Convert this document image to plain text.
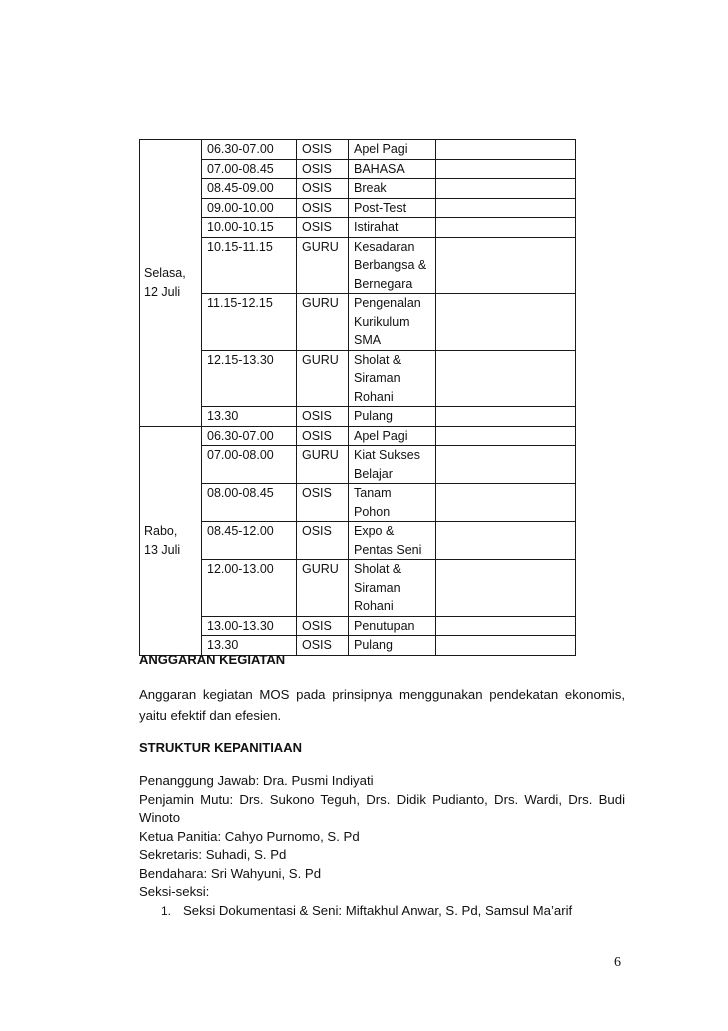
Selasa,
12 Juli	06.30-07.00	OSIS	Apel Pagi	

	07.00-08.45	OSIS	BAHASA	

	08.45-09.00	OSIS	Break	

	09.00-10.00	OSIS	Post-Test	

	10.00-10.15	OSIS	Istirahat	

	10.15-11.15	GURU	Kesadaran
Berbangsa &
Bernegara	

	11.15-12.15	GURU	Pengenalan
Kurikulum
SMA	

	12.15-13.30	GURU	Sholat &
Siraman
Rohani	

	13.30	OSIS	Pulang	

Rabo,
13 Juli	06.30-07.00	OSIS	Apel Pagi	

	07.00-08.00	GURU	Kiat Sukses
Belajar	

	08.00-08.45	OSIS	Tanam
Pohon	

	08.45-12.00	OSIS	Expo &
Pentas Seni	

	12.00-13.00	GURU	Sholat &
Siraman
Rohani	

	13.00-13.30	OSIS	Penutupan	

	13.30	OSIS	Pulang	

ANGGARAN KEGIATAN
Anggaran kegiatan MOS pada prinsipnya menggunakan pendekatan ekonomis, yaitu efektif dan efesien.
STRUKTUR KEPANITIAAN
Penanggung Jawab: Dra. Pusmi Indiyati
Penjamin Mutu: Drs. Sukono Teguh, Drs. Didik Pudianto, Drs. Wardi, Drs. Budi
Winoto
Ketua Panitia: Cahyo Purnomo, S. Pd
Sekretaris: Suhadi, S. Pd
Bendahara: Sri Wahyuni, S. Pd
Seksi-seksi:
1. Seksi Dokumentasi & Seni: Miftakhul Anwar, S. Pd, Samsul Ma’arif
6
